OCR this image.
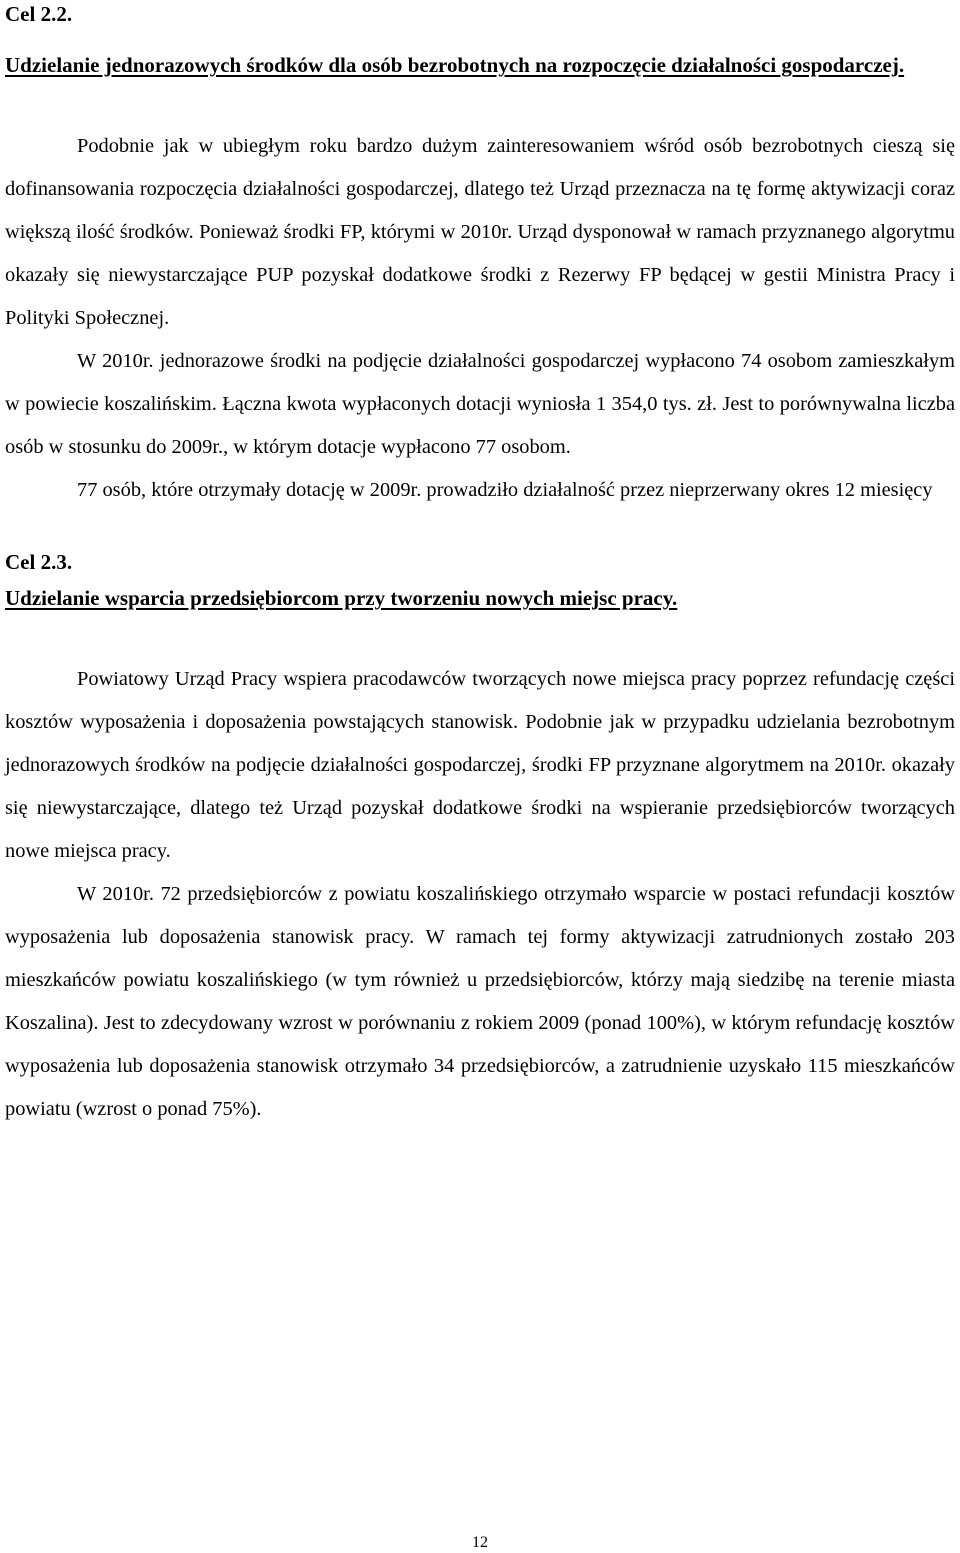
Cel 2.2.
Udzielanie jednorazowych środków dla osób bezrobotnych na rozpoczęcie działalności gospodarczej.

Podobnie jak w ubiegłym roku bardzo dużym zainteresowaniem wśród osób bezrobotnych cieszą się dofinansowania rozpoczęcia działalności gospodarczej, dlatego też Urząd przeznacza na tę formę aktywizacji coraz większą ilość środków. Ponieważ środki FP, którymi w 2010r. Urząd dysponował w ramach przyznanego algorytmu okazały się niewystarczające PUP pozyskał dodatkowe środki z Rezerwy FP będącej w gestii Ministra Pracy i Polityki Społecznej.

W 2010r. jednorazowe środki na podjęcie działalności gospodarczej wypłacono 74 osobom zamieszkałym w powiecie koszalińskim. Łączna kwota wypłaconych dotacji wyniosła 1 354,0 tys. zł. Jest to porównywalna liczba osób w stosunku do 2009r., w którym dotacje wypłacono 77 osobom.

77 osób, które otrzymały dotację w 2009r. prowadziło działalność przez nieprzerwany okres 12 miesięcy

Cel 2.3.
Udzielanie wsparcia przedsiębiorcom przy tworzeniu nowych miejsc pracy.

Powiatowy Urząd Pracy wspiera pracodawców tworzących nowe miejsca pracy poprzez refundację części kosztów wyposażenia i doposażenia powstających stanowisk. Podobnie jak w przypadku udzielania bezrobotnym jednorazowych środków na podjęcie działalności gospodarczej, środki FP przyznane algorytmem na 2010r. okazały się niewystarczające, dlatego też Urząd pozyskał dodatkowe środki na wspieranie przedsiębiorców tworzących nowe miejsca pracy.

W 2010r. 72 przedsiębiorców z powiatu koszalińskiego otrzymało wsparcie w postaci refundacji kosztów wyposażenia lub doposażenia stanowisk pracy. W ramach tej formy aktywizacji zatrudnionych zostało 203 mieszkańców powiatu koszalińskiego (w tym również u przedsiębiorców, którzy mają siedzibę na terenie miasta Koszalina). Jest to zdecydowany wzrost w porównaniu z rokiem 2009 (ponad 100%), w którym refundację kosztów wyposażenia lub doposażenia stanowisk otrzymało 34 przedsiębiorców, a zatrudnienie uzyskało 115 mieszkańców powiatu (wzrost o ponad 75%).

12
